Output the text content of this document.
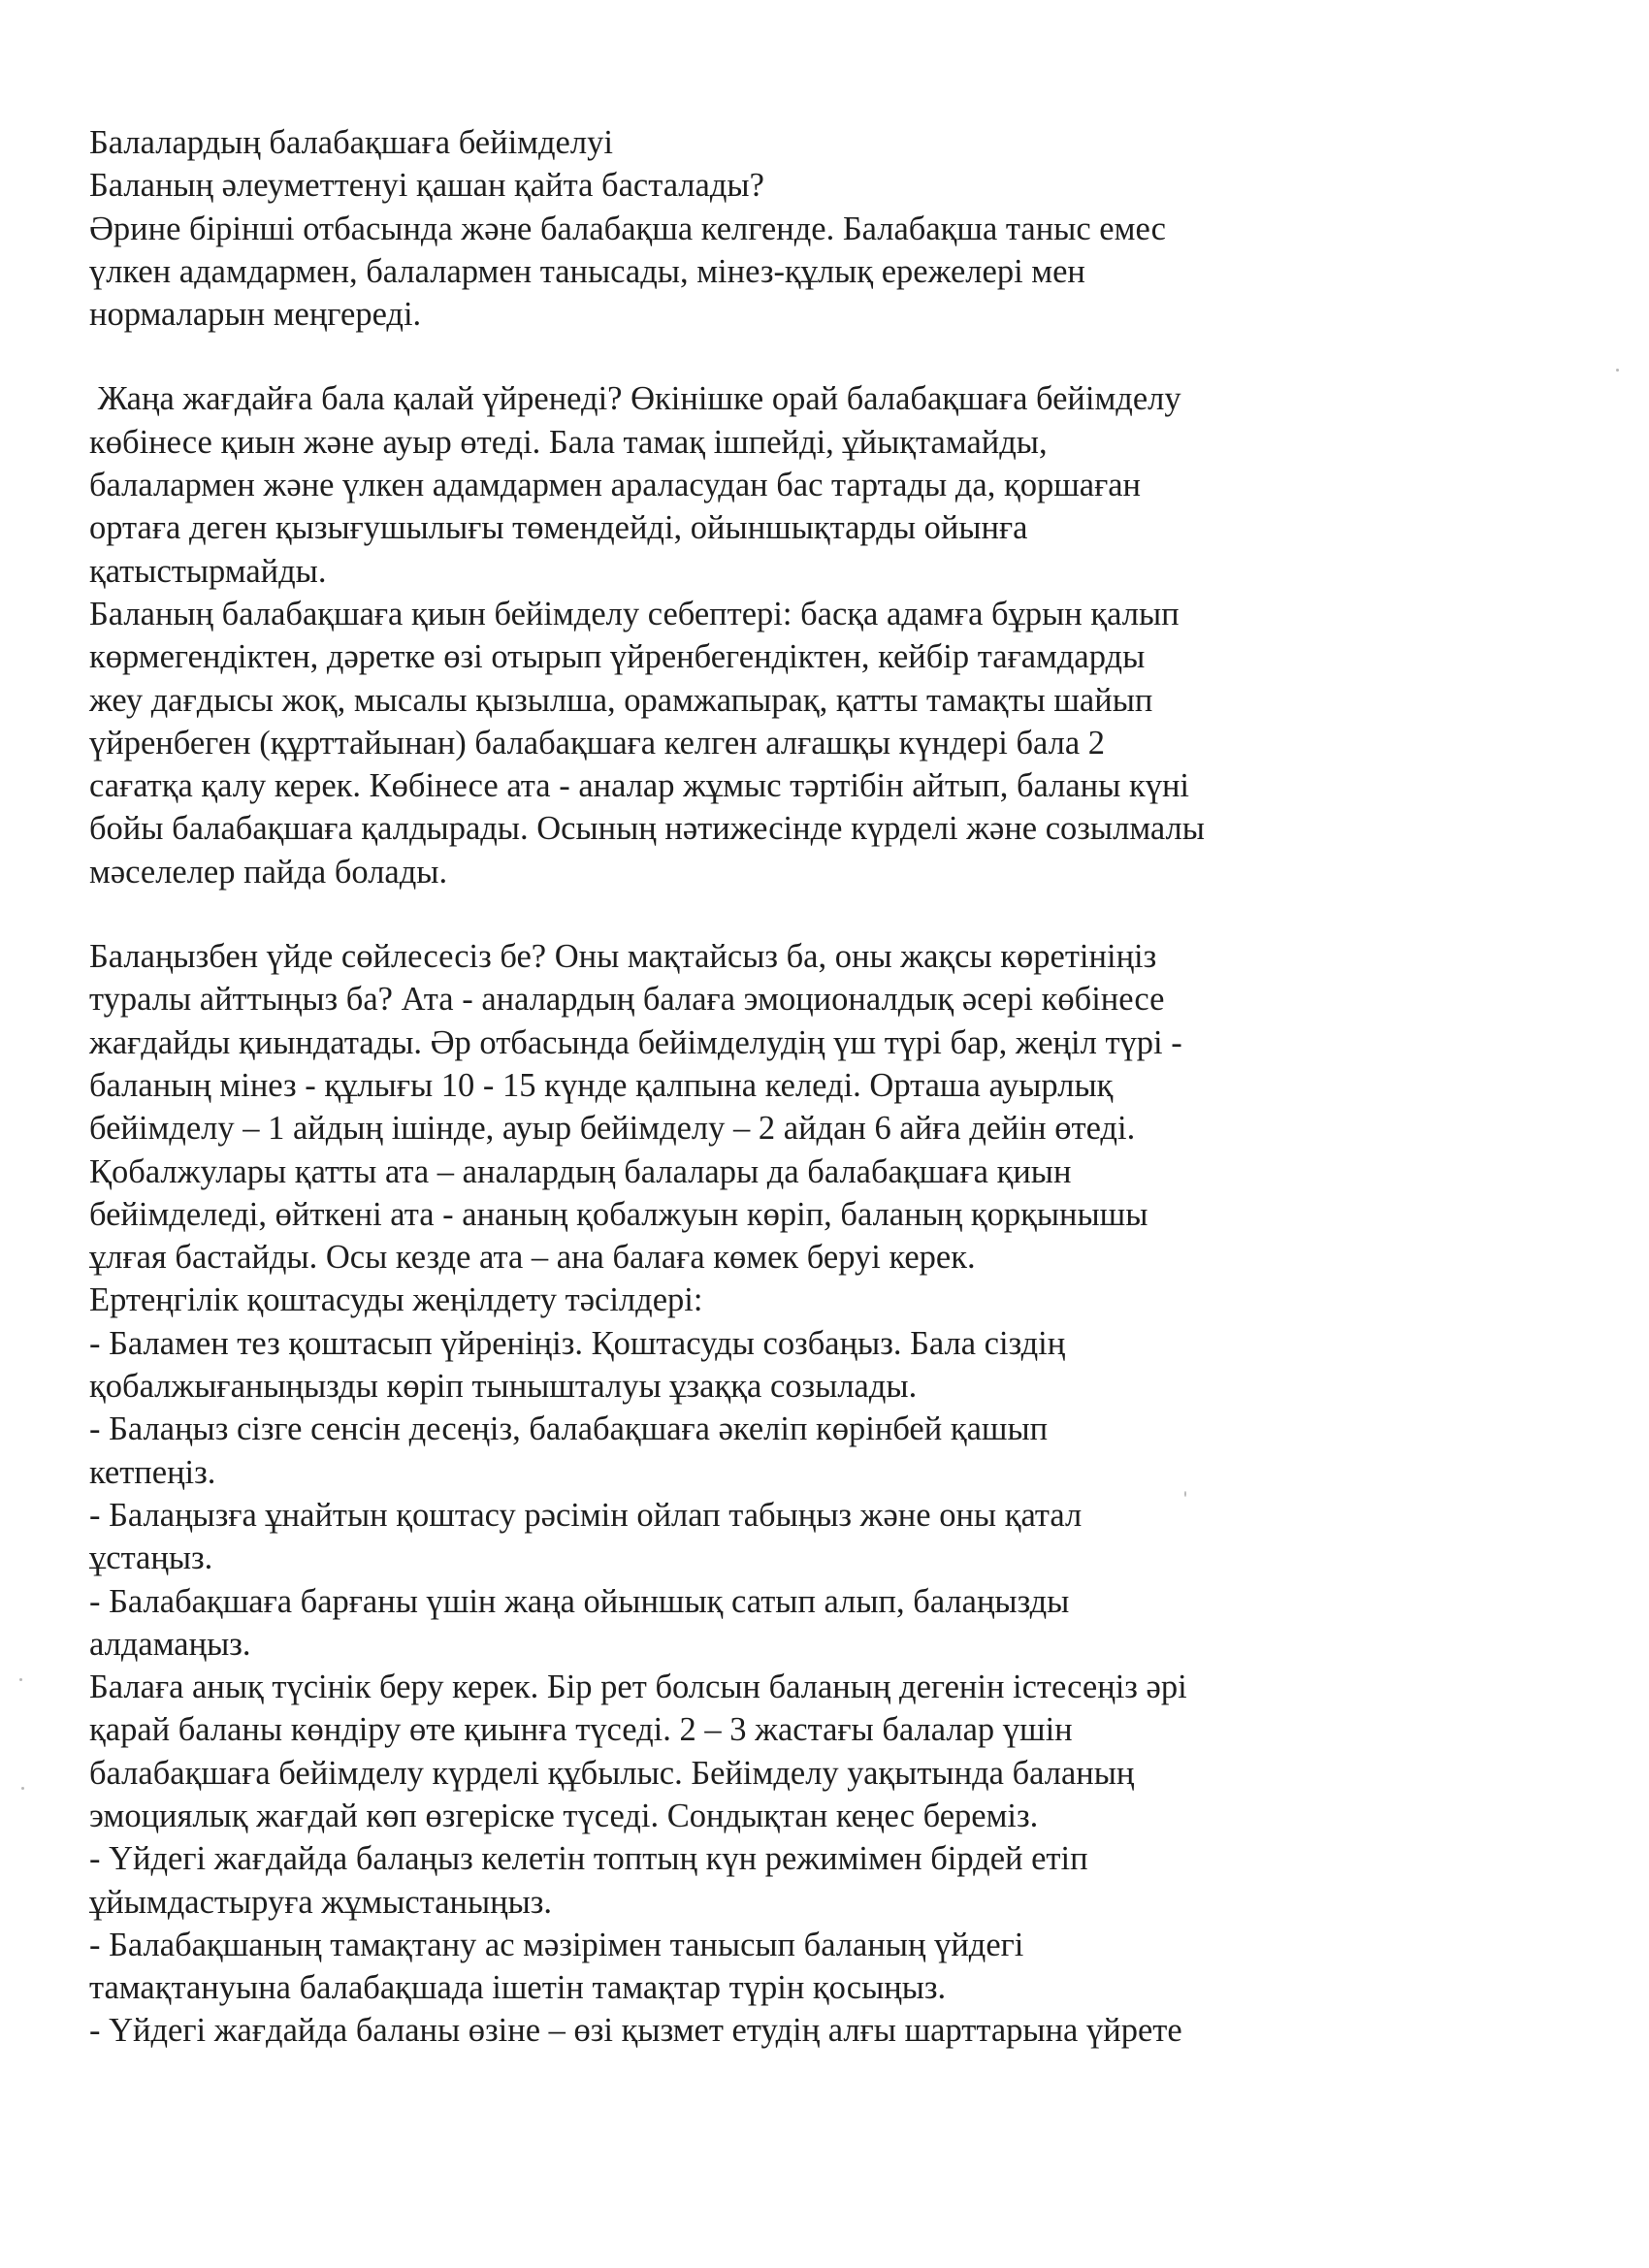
Балалардың балабақшаға бейімделуі
Баланың әлеуметтенуі қашан қайта басталады?
Әрине бірінші отбасында және балабақша келгенде. Балабақша таныс емес
үлкен адамдармен, балалармен танысады, мінез-құлық ережелері мен
нормаларын меңгереді.
Жаңа жағдайға бала қалай үйренеді? Өкінішке орай балабақшаға бейімделу
көбінесе қиын және ауыр өтеді. Бала тамақ ішпейді, ұйықтамайды,
балалармен және үлкен адамдармен араласудан бас тартады да, қоршаған
ортаға деген қызығушылығы төмендейді, ойыншықтарды ойынға
қатыстырмайды.
Баланың балабақшаға қиын бейімделу себептері: басқа адамға бұрын қалып
көрмегендіктен, дәретке өзі отырып үйренбегендіктен, кейбір тағамдарды
жеу дағдысы жоқ, мысалы қызылша, орамжапырақ, қатты тамақты шайып
үйренбеген (құрттайынан) балабақшаға келген алғашқы күндері бала 2
сағатқа қалу керек. Көбінесе ата - аналар жұмыс тәртібін айтып, баланы күні
бойы балабақшаға қалдырады. Осының нәтижесінде күрделі және созылмалы
мәселелер пайда болады.
Балаңызбен үйде сөйлесесіз бе? Оны мақтайсыз ба, оны жақсы көретініңіз
туралы айттыңыз ба? Ата - аналардың балаға эмоционалдық әсері көбінесе
жағдайды қиындатады. Әр отбасында бейімделудің үш түрі бар, жеңіл түрі -
баланың мінез - құлығы 10 - 15 күнде қалпына келеді. Орташа ауырлық
бейімделу – 1 айдың ішінде, ауыр бейімделу – 2 айдан 6 айға дейін өтеді.
Қобалжулары қатты ата – аналардың балалары да балабақшаға қиын
бейімделеді, өйткені ата - ананың қобалжуын көріп, баланың қорқынышы
ұлғая бастайды. Осы кезде ата – ана балаға көмек беруі керек.
Ертеңгілік қоштасуды жеңілдету тәсілдері:
- Баламен тез қоштасып үйреніңіз. Қоштасуды созбаңыз. Бала сіздің
қобалжығаныңызды көріп тынышталуы ұзаққа созылады.
- Балаңыз сізге сенсін десеңіз, балабақшаға әкеліп көрінбей қашып
кетпеңіз.
- Балаңызға ұнайтын қоштасу рәсімін ойлап табыңыз және оны қатал
ұстаңыз.
- Балабақшаға барғаны үшін жаңа ойыншық сатып алып, балаңызды
алдамаңыз.
Балаға анық түсінік беру керек. Бір рет болсын баланың дегенін істесеңіз әрі
қарай баланы көндіру өте қиынға түседі. 2 – 3 жастағы балалар үшін
балабақшаға бейімделу күрделі құбылыс. Бейімделу уақытында баланың
эмоциялық жағдай көп өзгеріске түседі. Сондықтан кеңес береміз.
- Үйдегі жағдайда балаңыз келетін топтың күн режимімен бірдей етіп
ұйымдастыруға жұмыстаныңыз.
- Балабақшаның тамақтану ас мәзірімен танысып баланың үйдегі
тамақтануына балабақшада ішетін тамақтар түрін қосыңыз.
- Үйдегі жағдайда баланы өзіне – өзі қызмет етудің алғы шарттарына үйрете
